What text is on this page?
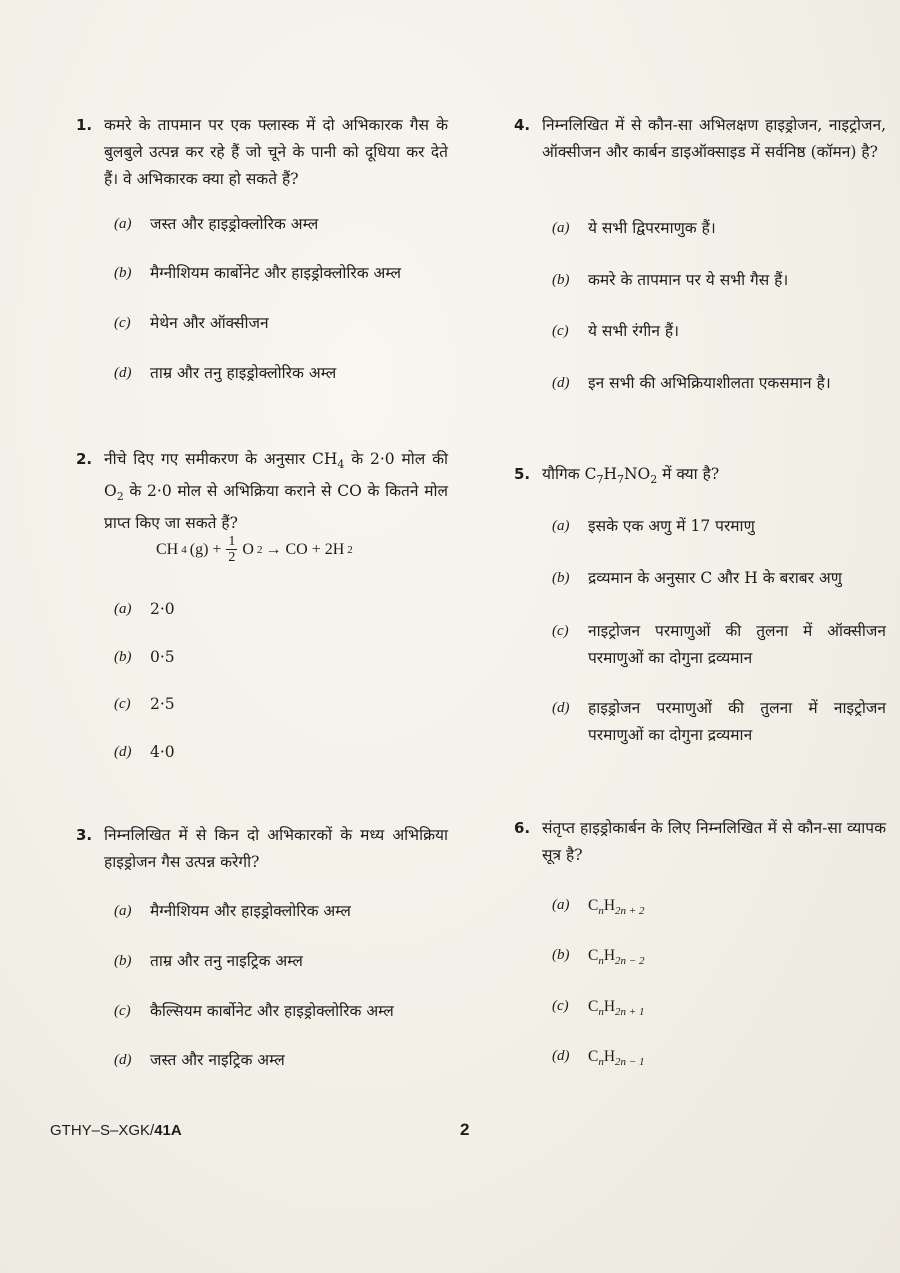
1. कमरे के तापमान पर एक फ्लास्क में दो अभिकारक गैस के बुलबुले उत्पन्न कर रहे हैं जो चूने के पानी को दूधिया कर देते हैं। वे अभिकारक क्या हो सकते हैं?
(a)	जस्त और हाइड्रोक्लोरिक अम्ल
(b)	मैग्नीशियम कार्बोनेट और हाइड्रोक्लोरिक अम्ल
(c)	मेथेन और ऑक्सीजन
(d)	ताम्र और तनु हाइड्रोक्लोरिक अम्ल
2. नीचे दिए गए समीकरण के अनुसार $CH_4$ के 2·0 मोल की $O_2$ के 2·0 मोल से अभिक्रिया कराने से CO के कितने मोल प्राप्त किए जा सकते हैं?
CH 4 $(g) + \frac{1}{2}$ O 2 → CO + 2H 2
(a)	2·0
(b)	0·5
(c)	2·5
(d)	4·0
3. निम्नलिखित में से किन दो अभिकारकों के मध्य अभिक्रिया हाइड्रोजन गैस उत्पन्न करेगी?
(a)	मैग्नीशियम और हाइड्रोक्लोरिक अम्ल
(b)	ताम्र और तनु नाइट्रिक अम्ल
(c)	कैल्सियम कार्बोनेट और हाइड्रोक्लोरिक अम्ल
(d)	जस्त और नाइट्रिक अम्ल
4. निम्नलिखित में से कौन-सा अभिलक्षण हाइड्रोजन, नाइट्रोजन, ऑक्सीजन और कार्बन डाइऑक्साइड में सर्वनिष्ठ (कॉमन) है?
(a)	ये सभी द्विपरमाणुक हैं।
(b)	कमरे के तापमान पर ये सभी गैस हैं।
(c)	ये सभी रंगीन हैं।
(d)	इन सभी की अभिक्रियाशीलता एकसमान है।
5. यौगिक $C_7H_7NO_2$ में क्या है?
(a)	इसके एक अणु में 17 परमाणु
(b)	द्रव्यमान के अनुसार C और H के बराबर अणु
(c)	नाइट्रोजन परमाणुओं की तुलना में ऑक्सीजन परमाणुओं का दोगुना द्रव्यमान
(d)	हाइड्रोजन परमाणुओं की तुलना में नाइट्रोजन परमाणुओं का दोगुना द्रव्यमान
6. संतृप्त हाइड्रोकार्बन के लिए निम्नलिखित में से कौन-सा व्यापक सूत्र है?
(a)	$C_nH_{2n + 2}$
(b)	$C_nH_{2n - 2}$
(c)	$C_nH_{2n + 1}$
(d)	$C_nH_{2n - 1}$
GTHY–S–XGK/41A	2
